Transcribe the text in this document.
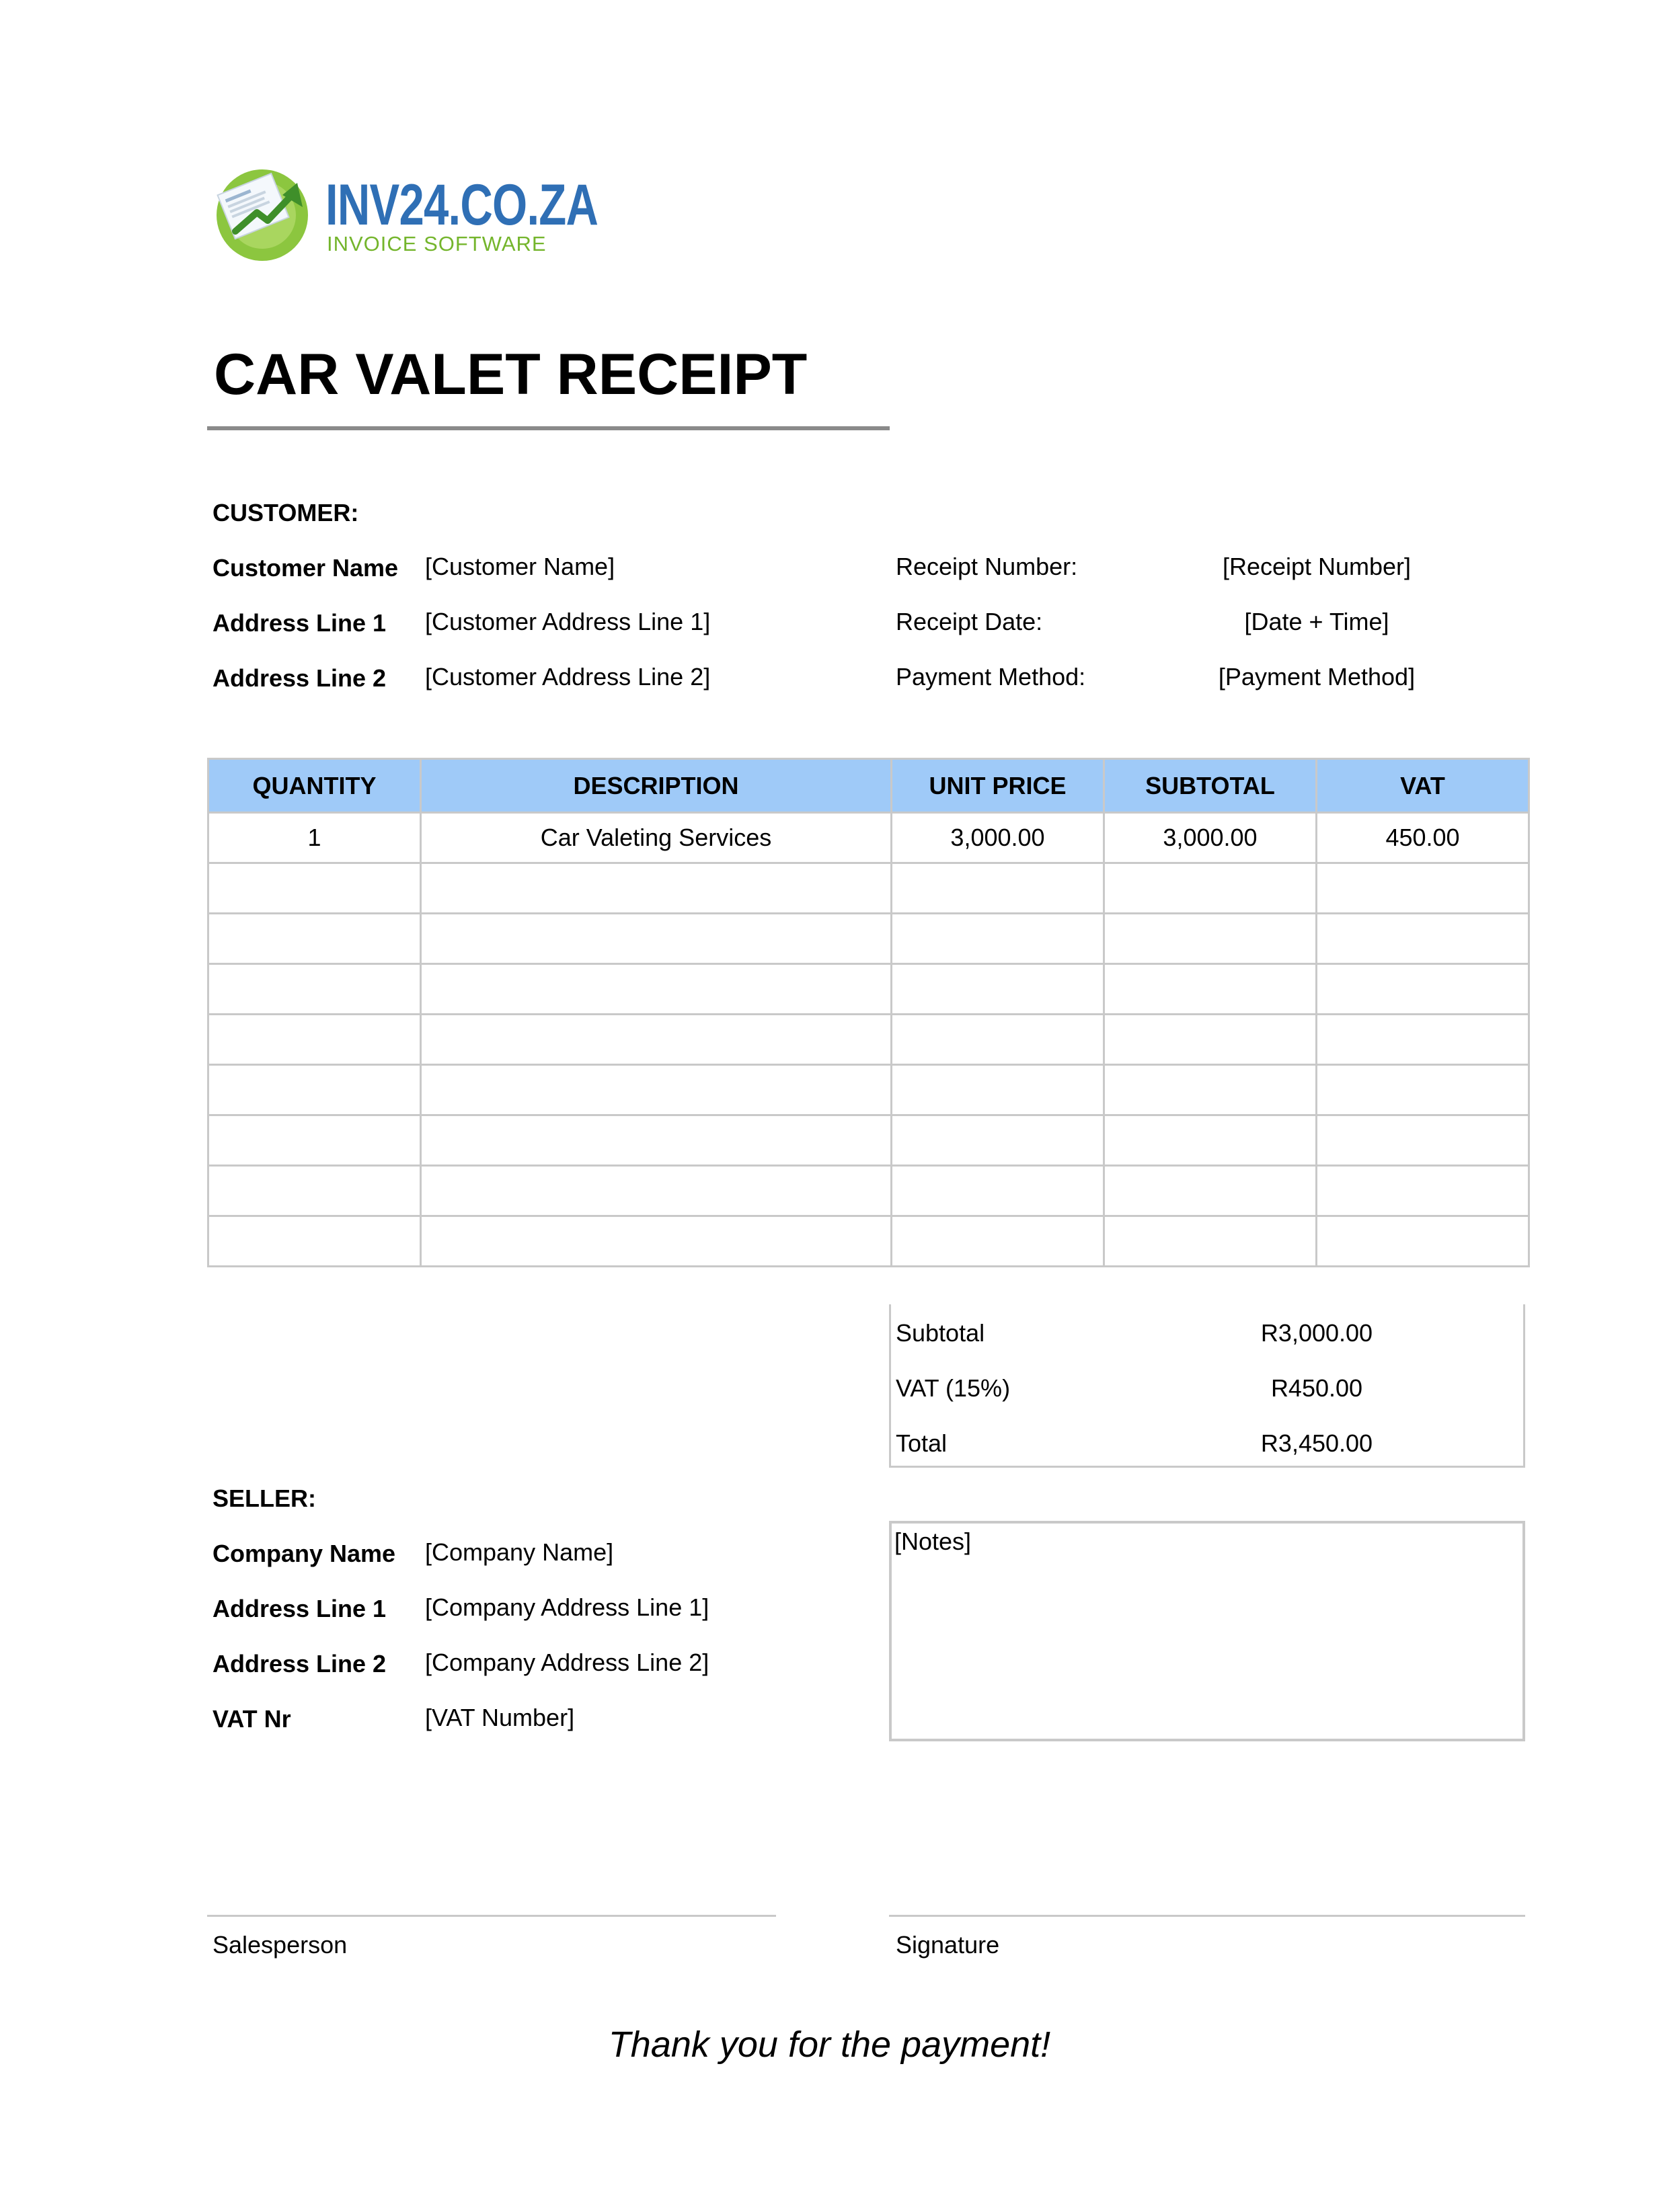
INV24.CO.ZA
INVOICE SOFTWARE
CAR VALET RECEIPT
CUSTOMER:
Customer Name [Customer Name]
Address Line 1 [Customer Address Line 1]
Address Line 2 [Customer Address Line 2]
Receipt Number:	[Receipt Number]
Receipt Date:	[Date + Time]
Payment Method:	[Payment Method]
QUANTITY	DESCRIPTION	UNIT PRICE	SUBTOTAL	VAT
1	Car Valeting Services	3,000.00	3,000.00	450.00

Subtotal	R3,000.00
VAT (15%)	R450.00
Total	R3,450.00
SELLER:
Company Name [Company Name]
Address Line 1 [Company Address Line 1]
Address Line 2 [Company Address Line 2]
VAT Nr	[VAT Number]
[Notes]
Salesperson	Signature
Thank you for the payment!
